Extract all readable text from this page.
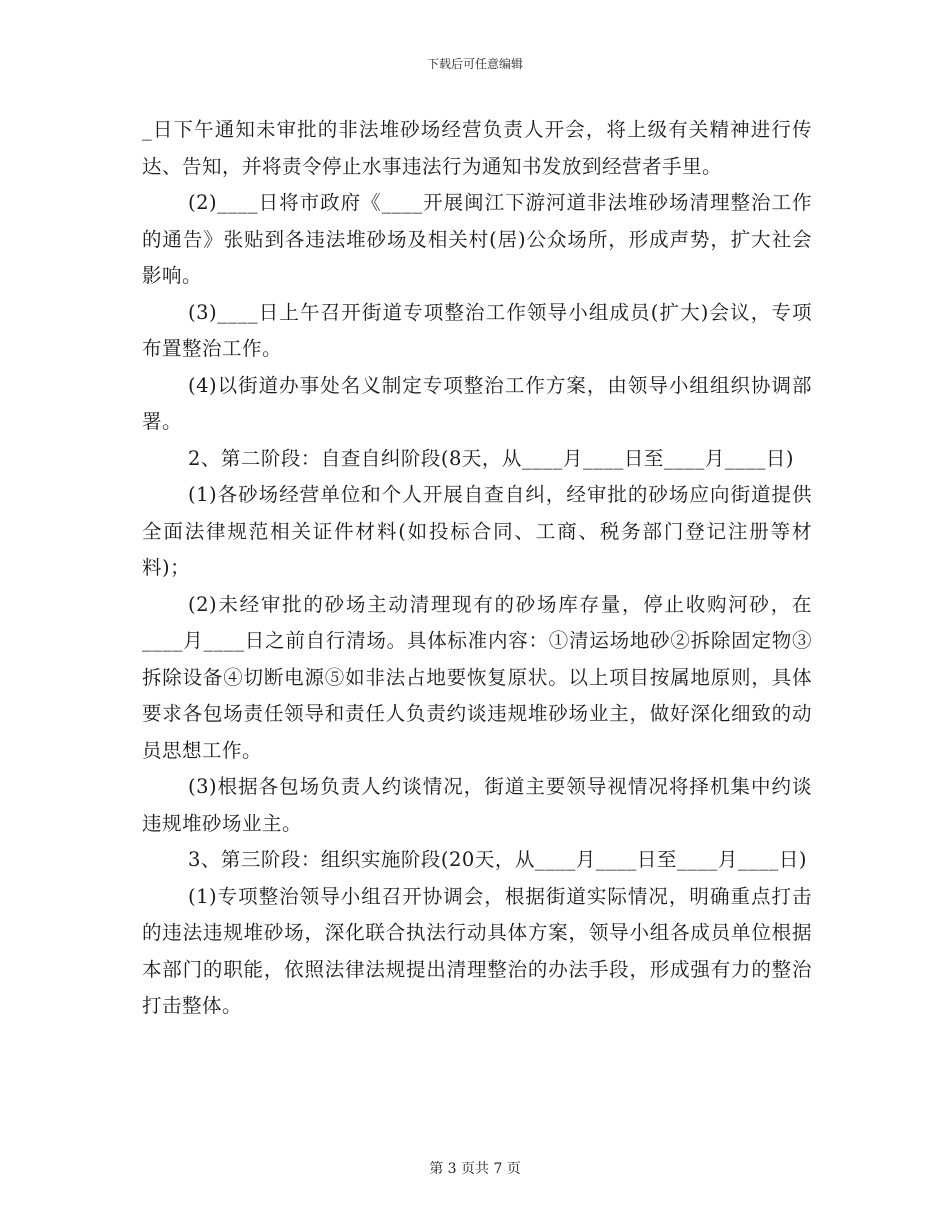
下载后可任意编辑

_日下午通知未审批的非法堆砂场经营负责人开会，将上级有关精神进行传达、告知，并将责令停止水事违法行为通知书发放到经营者手里。

(2)____日将市政府《____开展闽江下游河道非法堆砂场清理整治工作的通告》张贴到各违法堆砂场及相关村(居)公众场所，形成声势，扩大社会影响。

(3)____日上午召开街道专项整治工作领导小组成员(扩大)会议，专项布置整治工作。

(4)以街道办事处名义制定专项整治工作方案，由领导小组组织协调部署。

2、第二阶段：自查自纠阶段(8天，从____月____日至____月____日)

(1)各砂场经营单位和个人开展自查自纠，经审批的砂场应向街道提供全面法律规范相关证件材料(如投标合同、工商、税务部门登记注册等材料)；

(2)未经审批的砂场主动清理现有的砂场库存量，停止收购河砂，在____月____日之前自行清场。具体标准内容：①清运场地砂②拆除固定物③拆除设备④切断电源⑤如非法占地要恢复原状。以上项目按属地原则，具体要求各包场责任领导和责任人负责约谈违规堆砂场业主，做好深化细致的动员思想工作。

(3)根据各包场负责人约谈情况，街道主要领导视情况将择机集中约谈违规堆砂场业主。

3、第三阶段：组织实施阶段(20天，从____月____日至____月____日)

(1)专项整治领导小组召开协调会，根据街道实际情况，明确重点打击的违法违规堆砂场，深化联合执法行动具体方案，领导小组各成员单位根据本部门的职能，依照法律法规提出清理整治的办法手段，形成强有力的整治打击整体。

第 3 页共 7 页
